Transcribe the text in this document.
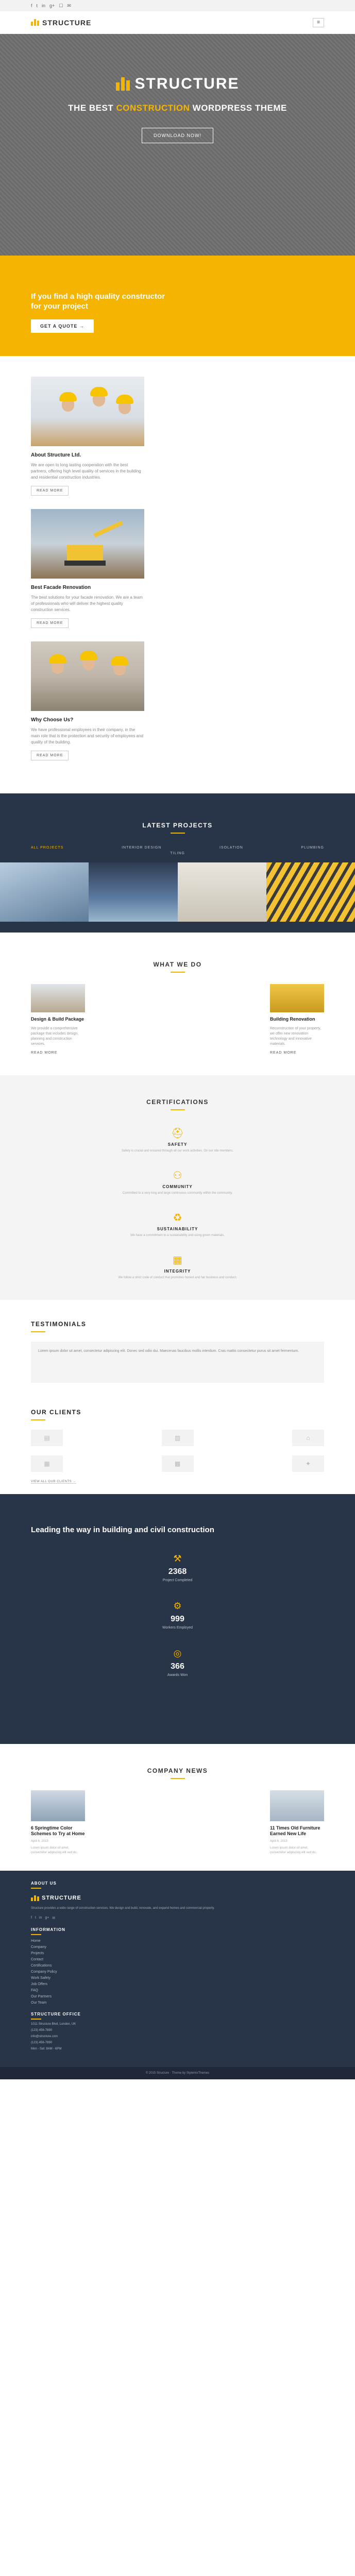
f t in g+ ☐ ✉
STRUCTURE	≡
STRUCTURE
THE BEST CONSTRUCTION WORDPRESS THEME
DOWNLOAD NOW!
If you find a high quality constructor for your project
GET A QUOTE →
About Structure Ltd.

We are open to long lasting cooperation with the best partners, offering high level quality of services in the building and residential construction industries.

READ MORE
Best Facade Renovation

The best solutions for your facade renovation. We are a team of professionals who will deliver the highest quality construction services.

READ MORE
Why Choose Us?

We have professional employees in their company, in the main role that is the protection and security of employees and quality of the building.

READ MORE
LATEST PROJECTS
ALL PROJECTS	INTERIOR DESIGN	ISOLATION	PLUMBING
TILING
WHAT WE DO
Design & Build Package

We provide a comprehensive package that includes design, planning and construction services.

READ MORE
Building Renovation

Reconstruction of your property, we offer new renovation technology and innovative materials.

READ MORE
CERTIFICATIONS
⛑
SAFETY

Safety is crucial and ensured through all our work activities. On our site members.

⚇
COMMUNITY

Committed to a very long and large continuous community within the community.

♻
SUSTAINABILITY

We have a commitment to a sustainability and using green materials.

▦
INTEGRITY

We follow a strict code of conduct that promotes honest and fair business and conduct.

TESTIMONIALS
Lorem ipsum dolor sit amet, consectetur adipiscing elit. Donec sed odio dui. Maecenas faucibus mollis interdum. Cras mattis consectetur purus sit amet fermentum.
OUR CLIENTS
▤	▥	⌂
▦	▩	✦
VIEW ALL OUR CLIENTS →
Leading the way in building and civil construction
⚒
2368
Project Completed
⚙
999
Workers Employed
◎
366
Awards Won
COMPANY NEWS
6 Springtime Color Schemes to Try at Home
April 6, 2015

Lorem ipsum dolor sit amet, consectetur adipiscing elit sed do.

11 Times Old Furniture Earned New Life
April 6, 2015

Lorem ipsum dolor sit amet, consectetur adipiscing elit sed do.

ABOUT US
STRUCTURE
Structure provides a wide range of construction services. We design and build, renovate, and expand homes and commercial property.
f t in g+ ✉
INFORMATION
Home
Company
Projects
Contact
Certifications
Company Policy
Work Safety
Job Offers
FAQ
Our Partners
Our Team
STRUCTURE OFFICE
1011 Structure Blvd, London, UK
(123) 456-7890
info@structure.com
(123) 456-7890
Mon - Sat: 8AM - 6PM
© 2015 Structure · Theme by StylemixThemes
